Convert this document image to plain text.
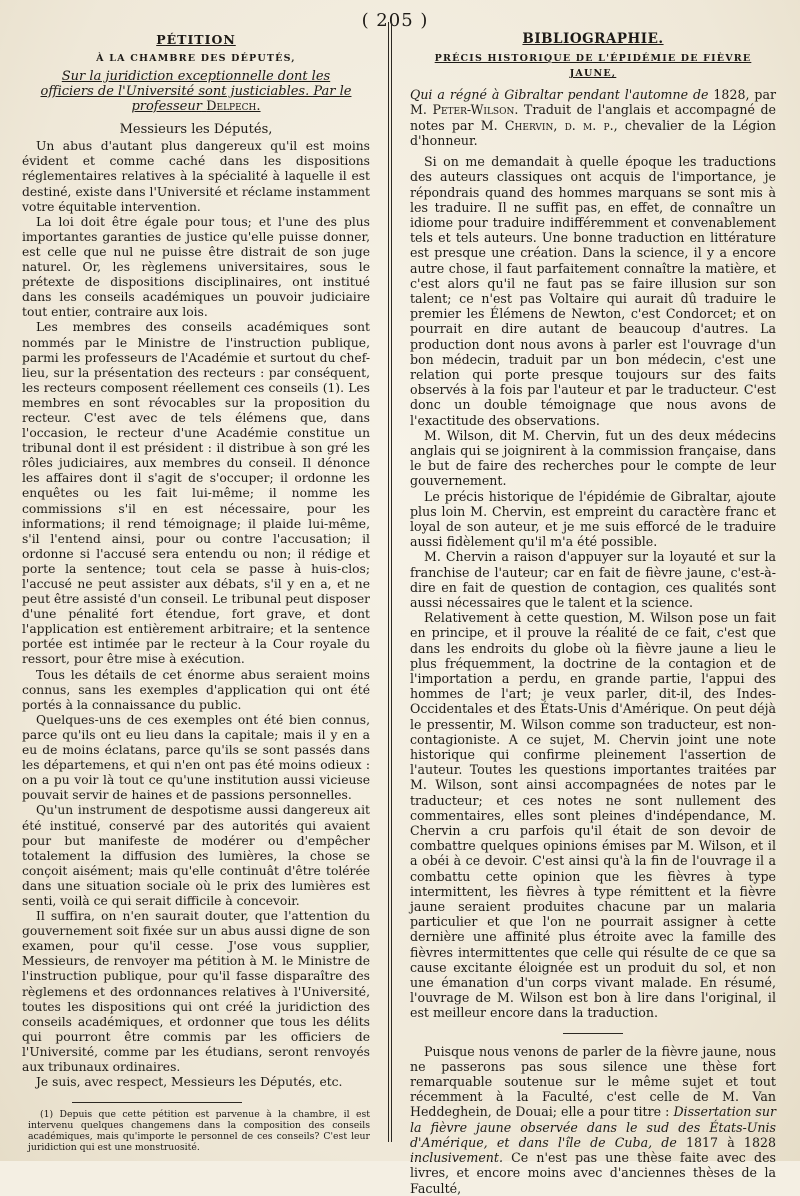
( 205 )
PÉTITION
À LA CHAMBRE DES DÉPUTÉS,
Sur la juridiction exceptionnelle dont les officiers de l'Université sont justiciables. Par le professeur Delpech.
Messieurs les Députés,

Un abus d'autant plus dangereux qu'il est moins évident et comme caché dans les dispositions réglementaires relatives à la spécialité à laquelle il est destiné, existe dans l'Université et réclame instamment votre équitable intervention.

La loi doit être égale pour tous; et l'une des plus importantes garanties de justice qu'elle puisse donner, est celle que nul ne puisse être distrait de son juge naturel. Or, les règlemens universitaires, sous le prétexte de dispositions disciplinaires, ont institué dans les conseils académiques un pouvoir judiciaire tout entier, contraire aux lois.

Les membres des conseils académiques sont nommés par le Ministre de l'instruction publique, parmi les professeurs de l'Académie et surtout du chef-lieu, sur la présentation des recteurs : par conséquent, les recteurs composent réellement ces conseils (1). Les membres en sont révocables sur la proposition du recteur. C'est avec de tels élémens que, dans l'occasion, le recteur d'une Académie constitue un tribunal dont il est président : il distribue à son gré les rôles judiciaires, aux membres du conseil. Il dénonce les affaires dont il s'agit de s'occuper; il ordonne les enquêtes ou les fait lui-même; il nomme les commissions s'il en est nécessaire, pour les informations; il rend témoignage; il plaide lui-même, s'il l'entend ainsi, pour ou contre l'accusation; il ordonne si l'accusé sera entendu ou non; il rédige et porte la sentence; tout cela se passe à huis-clos; l'accusé ne peut assister aux débats, s'il y en a, et ne peut être assisté d'un conseil. Le tribunal peut disposer d'une pénalité fort étendue, fort grave, et dont l'application est entièrement arbitraire; et la sentence portée est intimée par le recteur à la Cour royale du ressort, pour être mise à exécution.

Tous les détails de cet énorme abus seraient moins connus, sans les exemples d'application qui ont été portés à la connaissance du public.

Quelques-uns de ces exemples ont été bien connus, parce qu'ils ont eu lieu dans la capitale; mais il y en a eu de moins éclatans, parce qu'ils se sont passés dans les départemens, et qui n'en ont pas été moins odieux : on a pu voir là tout ce qu'une institution aussi vicieuse pouvait servir de haines et de passions personnelles.

Qu'un instrument de despotisme aussi dangereux ait été institué, conservé par des autorités qui avaient pour but manifeste de modérer ou d'empêcher totalement la diffusion des lumières, la chose se conçoit aisément; mais qu'elle continuât d'être tolérée dans une situation sociale où le prix des lumières est senti, voilà ce qui serait difficile à concevoir.

Il suffira, on n'en saurait douter, que l'attention du gouvernement soit fixée sur un abus aussi digne de son examen, pour qu'il cesse. J'ose vous supplier, Messieurs, de renvoyer ma pétition à M. le Ministre de l'instruction publique, pour qu'il fasse disparaître des règlemens et des ordonnances relatives à l'Université, toutes les dispositions qui ont créé la juridiction des conseils académiques, et ordonner que tous les délits qui pourront être commis par les officiers de l'Université, comme par les étudians, seront renvoyés aux tribunaux ordinaires.

Je suis, avec respect, Messieurs les Députés, etc.

(1) Depuis que cette pétition est parvenue à la chambre, il est intervenu quelques changemens dans la composition des conseils académiques, mais qu'importe le personnel de ces conseils? C'est leur juridiction qui est une monstruosité.

BIBLIOGRAPHIE.
PRÉCIS HISTORIQUE DE L'ÉPIDÉMIE DE FIÈVRE JAUNE,

Qui a régné à Gibraltar pendant l'automne de 1828, par M. Peter-Wilson. Traduit de l'anglais et accompagné de notes par M. Chervin, d. m. p., chevalier de la Légion d'honneur.

Si on me demandait à quelle époque les traductions des auteurs classiques ont acquis de l'importance, je répondrais quand des hommes marquans se sont mis à les traduire. Il ne suffit pas, en effet, de connaître un idiome pour traduire indifféremment et convenablement tels et tels auteurs. Une bonne traduction en littérature est presque une création. Dans la science, il y a encore autre chose, il faut parfaitement connaître la matière, et c'est alors qu'il ne faut pas se faire illusion sur son talent; ce n'est pas Voltaire qui aurait dû traduire le premier les Élémens de Newton, c'est Condorcet; et on pourrait en dire autant de beaucoup d'autres. La production dont nous avons à parler est l'ouvrage d'un bon médecin, traduit par un bon médecin, c'est une relation qui porte presque toujours sur des faits observés à la fois par l'auteur et par le traducteur. C'est donc un double témoignage que nous avons de l'exactitude des observations.

M. Wilson, dit M. Chervin, fut un des deux médecins anglais qui se joignirent à la commission française, dans le but de faire des recherches pour le compte de leur gouvernement.

Le précis historique de l'épidémie de Gibraltar, ajoute plus loin M. Chervin, est empreint du caractère franc et loyal de son auteur, et je me suis efforcé de le traduire aussi fidèlement qu'il m'a été possible.

M. Chervin a raison d'appuyer sur la loyauté et sur la franchise de l'auteur; car en fait de fièvre jaune, c'est-à-dire en fait de question de contagion, ces qualités sont aussi nécessaires que le talent et la science.

Relativement à cette question, M. Wilson pose un fait en principe, et il prouve la réalité de ce fait, c'est que dans les endroits du globe où la fièvre jaune a lieu le plus fréquemment, la doctrine de la contagion et de l'importation a perdu, en grande partie, l'appui des hommes de l'art; je veux parler, dit-il, des Indes-Occidentales et des États-Unis d'Amérique. On peut déjà le pressentir, M. Wilson comme son traducteur, est non-contagioniste. A ce sujet, M. Chervin joint une note historique qui confirme pleinement l'assertion de l'auteur. Toutes les questions importantes traitées par M. Wilson, sont ainsi accompagnées de notes par le traducteur; et ces notes ne sont nullement des commentaires, elles sont pleines d'indépendance, M. Chervin a cru parfois qu'il était de son devoir de combattre quelques opinions émises par M. Wilson, et il a obéi à ce devoir. C'est ainsi qu'à la fin de l'ouvrage il a combattu cette opinion que les fièvres à type intermittent, les fièvres à type rémittent et la fièvre jaune seraient produites chacune par un malaria particulier et que l'on ne pourrait assigner à cette dernière une affinité plus étroite avec la famille des fièvres intermittentes que celle qui résulte de ce que sa cause excitante éloignée est un produit du sol, et non une émanation d'un corps vivant malade. En résumé, l'ouvrage de M. Wilson est bon à lire dans l'original, il est meilleur encore dans la traduction.

Puisque nous venons de parler de la fièvre jaune, nous ne passerons pas sous silence une thèse fort remarquable soutenue sur le même sujet et tout récemment à la Faculté, c'est celle de M. Van Heddeghein, de Douai; elle a pour titre : Dissertation sur la fièvre jaune observée dans le sud des États-Unis d'Amérique, et dans l'île de Cuba, de 1817 à 1828 inclusivement. Ce n'est pas une thèse faite avec des livres, et encore moins avec d'anciennes thèses de la Faculté,
